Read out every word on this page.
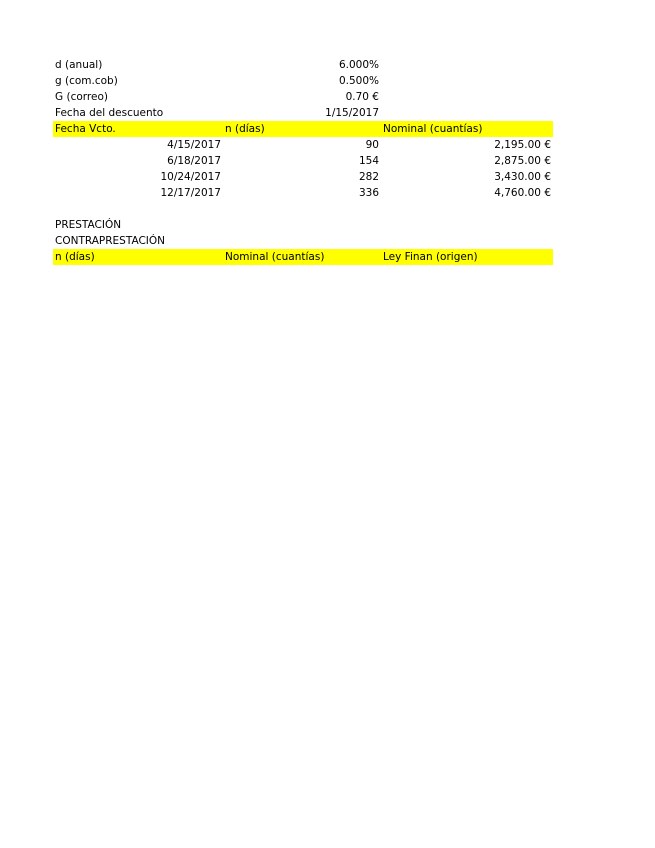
d (anual)	6.000%
g (com.cob)	0.500%
G (correo)	0.70 €
Fecha del descuento	1/15/2017
Fecha Vcto.	n (días)	Nominal (cuantías)
4/15/2017	90	2,195.00 €
6/18/2017	154	2,875.00 €
10/24/2017	282	3,430.00 €
12/17/2017	336	4,760.00 €
PRESTACIÓN
CONTRAPRESTACIÓN
n (días)	Nominal (cuantías)	Ley Finan (origen)
